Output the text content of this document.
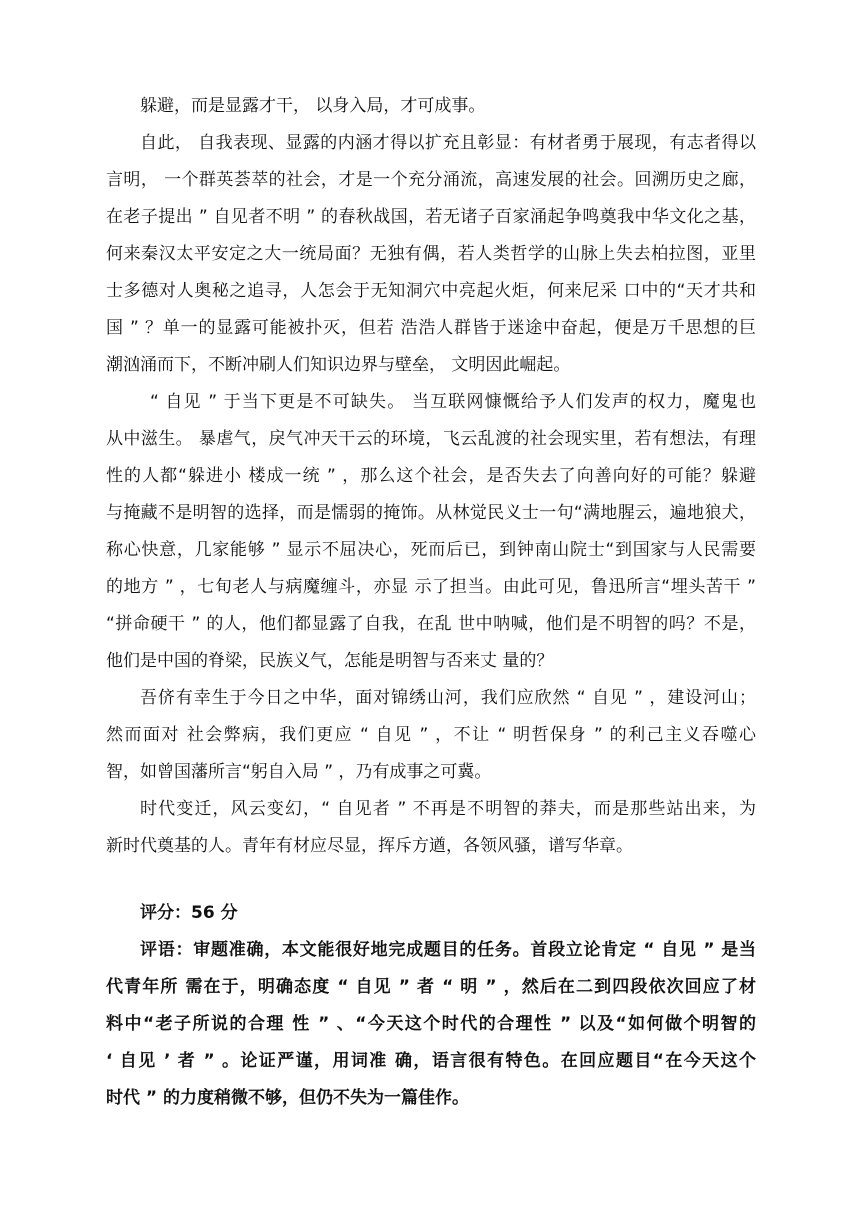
躲避，而是显露才干， 以身入局，才可成事。
自此， 自我表现、显露的内涵才得以扩充且彰显：有材者勇于展现，有志者得以
言明， 一个群英荟萃的社会，才是一个充分涌流，高速发展的社会。回溯历史之廊，
在老子提出 ” 自见者不明 ” 的春秋战国，若无诸子百家涌起争鸣奠我中华文化之基，
何来秦汉太平安定之大一统局面？无独有偶，若人类哲学的山脉上失去柏拉图，亚里
士多德对人奥秘之追寻，人怎会于无知洞穴中亮起火炬，何来尼采 口中的“天才共和
国 ” ？单一的显露可能被扑灭，但若 浩浩人群皆于迷途中奋起，便是万千思想的巨
潮汹涌而下，不断冲刷人们知识边界与壁垒， 文明因此崛起。
“ 自见 ” 于当下更是不可缺失。 当互联网慷慨给予人们发声的权力，魔鬼也
从中滋生。 暴虐气，戾气冲天干云的环境，飞云乱渡的社会现实里，若有想法，有理
性的人都“躲进小 楼成一统 ” ，那么这个社会，是否失去了向善向好的可能？躲避
与掩藏不是明智的选择，而是懦弱的掩饰。从林觉民义士一句“满地腥云，遍地狼犬，
称心快意，几家能够 ” 显示不屈决心，死而后已，到钟南山院士“到国家与人民需要
的地方 ” ，七旬老人与病魔缠斗，亦显 示了担当。由此可见，鲁迅所言“埋头苦干 ”
“拼命硬干 ” 的人，他们都显露了自我，在乱 世中呐喊，他们是不明智的吗？不是，
他们是中国的脊梁，民族义气，怎能是明智与否来丈 量的？
吾侪有幸生于今日之中华，面对锦绣山河，我们应欣然 “ 自见 ” ，建设河山；
然而面对 社会弊病，我们更应 “ 自见 ” ，不让 “ 明哲保身 ” 的利己主义吞噬心
智，如曾国藩所言“躬自入局 ” ，乃有成事之可冀。
时代变迁，风云变幻，“ 自见者 ” 不再是不明智的莽夫，而是那些站出来，为
新时代奠基的人。青年有材应尽显，挥斥方遒，各领风骚，谱写华章。
评分：56 分
评语：审题准确，本文能很好地完成题目的任务。首段立论肯定 “ 自见 ” 是当
代青年所 需在于，明确态度 “ 自见 ” 者 “ 明 ” ，然后在二到四段依次回应了材
料中“老子所说的合理 性 ” 、“今天这个时代的合理性 ” 以及“如何做个明智的
‘ 自见 ’ 者 ” 。论证严谨，用词准 确，语言很有特色。在回应题目“在今天这个
时代 ” 的力度稍微不够，但仍不失为一篇佳作。
